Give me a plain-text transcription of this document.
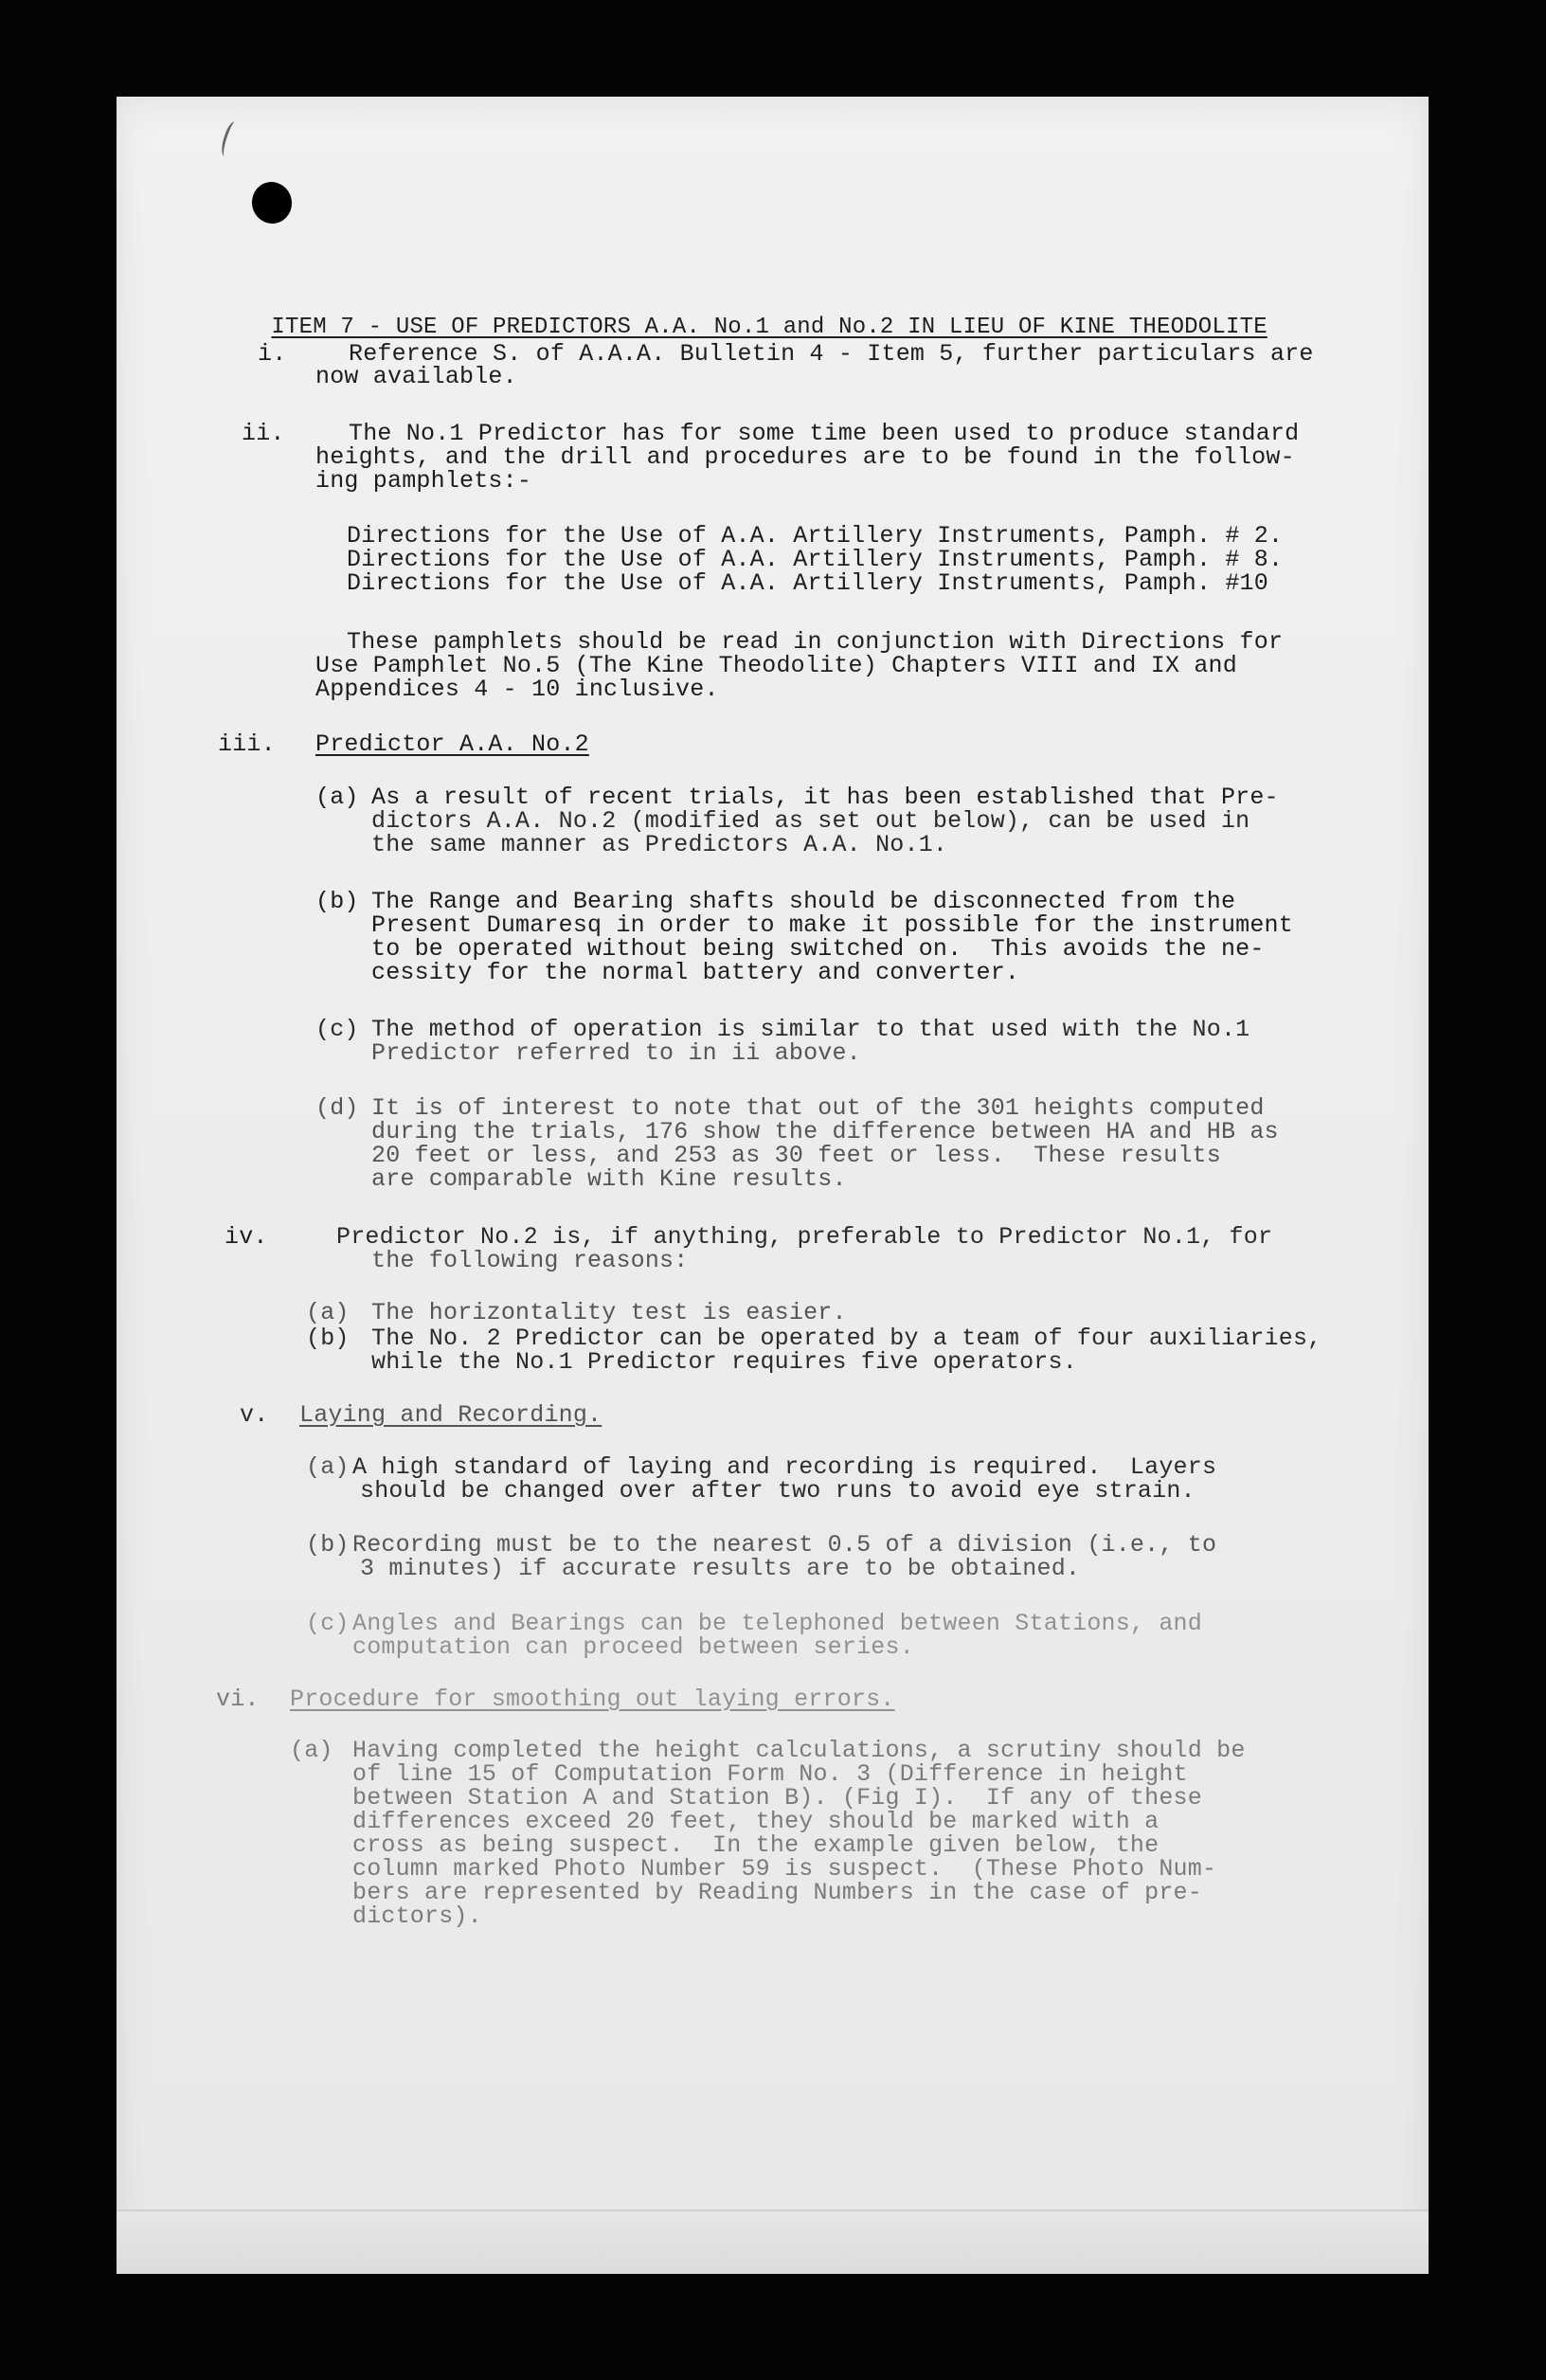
ITEM 7 - USE OF PREDICTORS A.A. No.1 and No.2 IN LIEU OF KINE THEODOLITE

i.	Reference S. of A.A.A. Bulletin 4 - Item 5, further particulars are
now available.
ii.	The No.1 Predictor has for some time been used to produce standard
heights, and the drill and procedures are to be found in the follow-
ing pamphlets:-
Directions for the Use of A.A. Artillery Instruments, Pamph. # 2.
Directions for the Use of A.A. Artillery Instruments, Pamph. # 8.
Directions for the Use of A.A. Artillery Instruments, Pamph. #10
These pamphlets should be read in conjunction with Directions for
Use Pamphlet No.5 (The Kine Theodolite) Chapters VIII and IX and
Appendices 4 - 10 inclusive.
iii. Predictor A.A. No.2
(a) As a result of recent trials, it has been established that Pre-
dictors A.A. No.2 (modified as set out below), can be used in
the same manner as Predictors A.A. No.1.
(b) The Range and Bearing shafts should be disconnected from the
Present Dumaresq in order to make it possible for the instrument
to be operated without being switched on.  This avoids the ne-
cessity for the normal battery and converter.
(c) The method of operation is similar to that used with the No.1
Predictor referred to in ii above.
(d) It is of interest to note that out of the 301 heights computed
during the trials, 176 show the difference between HA and HB as
20 feet or less, and 253 as 30 feet or less.  These results
are comparable with Kine results.
iv.	Predictor No.2 is, if anything, preferable to Predictor No.1, for
the following reasons:
(a) The horizontality test is easier.
(b) The No. 2 Predictor can be operated by a team of four auxiliaries,
while the No.1 Predictor requires five operators.
v. Laying and Recording.
(a) A high standard of laying and recording is required.  Layers
should be changed over after two runs to avoid eye strain.
(b) Recording must be to the nearest 0.5 of a division (i.e., to
3 minutes) if accurate results are to be obtained.
(c) Angles and Bearings can be telephoned between Stations, and
computation can proceed between series.
vi. Procedure for smoothing out laying errors.
(a) Having completed the height calculations, a scrutiny should be
of line 15 of Computation Form No. 3 (Difference in height
between Station A and Station B). (Fig I).  If any of these
differences exceed 20 feet, they should be marked with a
cross as being suspect.  In the example given below, the
column marked Photo Number 59 is suspect.  (These Photo Num-
bers are represented by Reading Numbers in the case of pre-
dictors).
